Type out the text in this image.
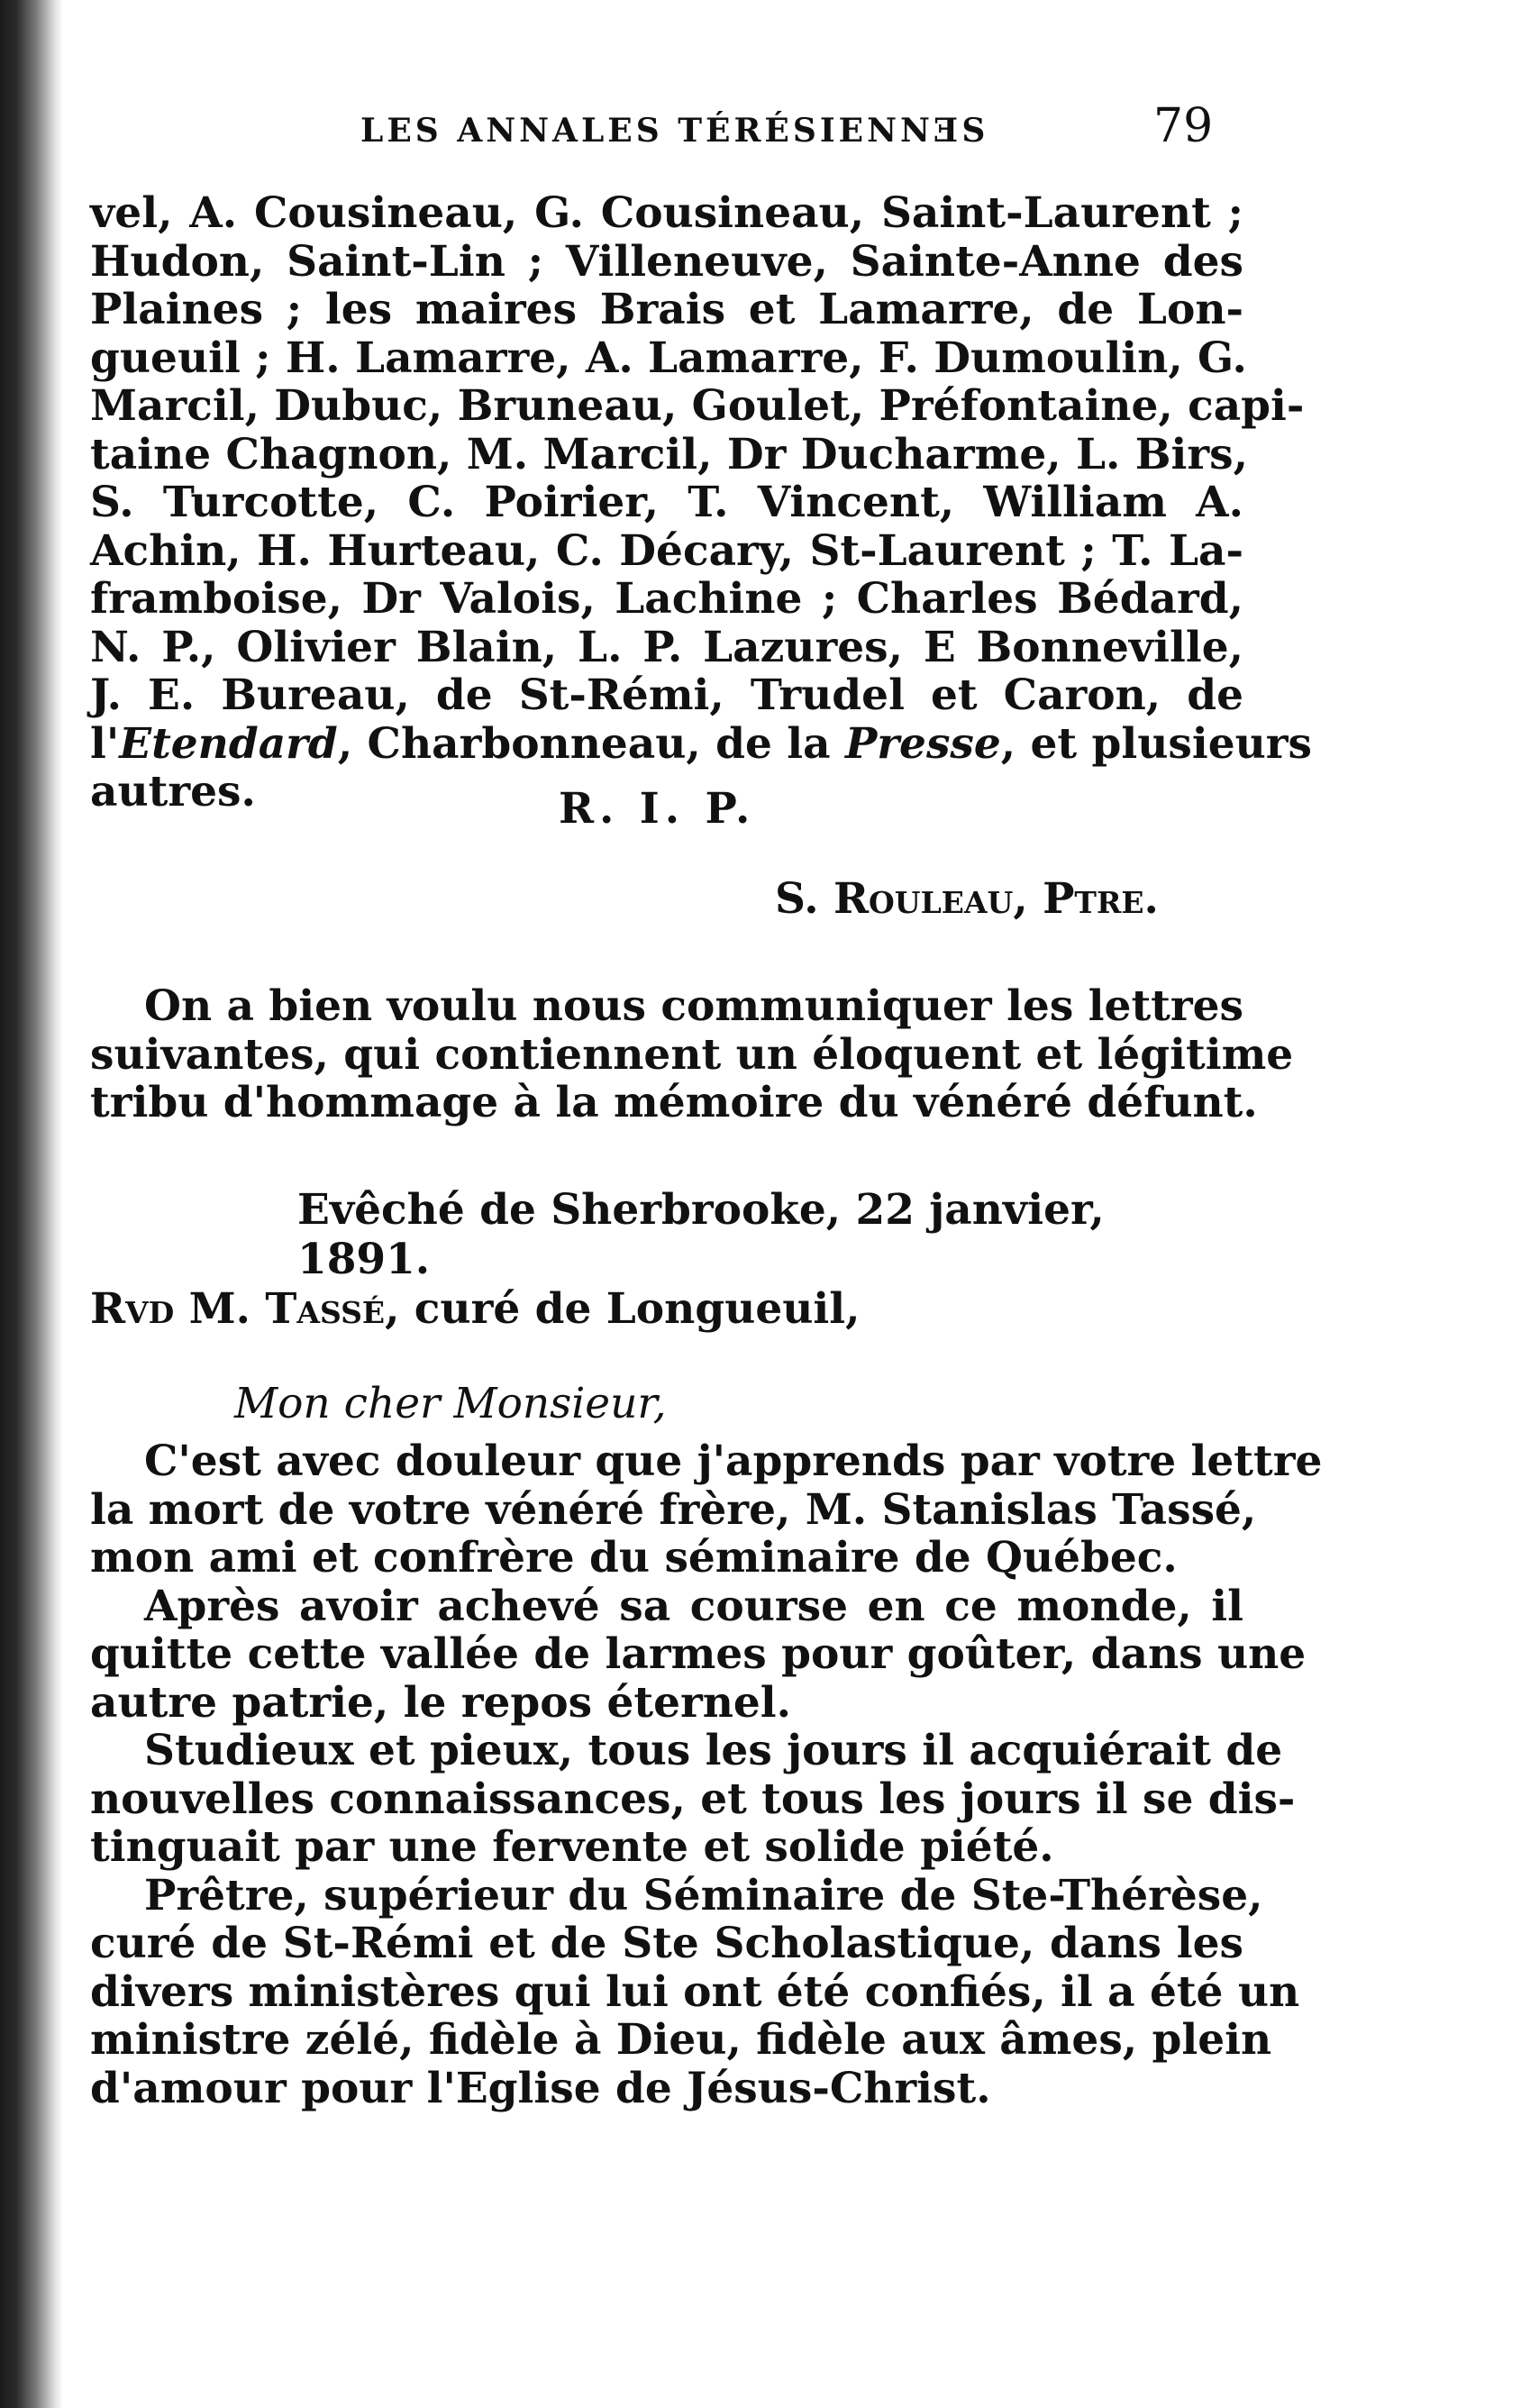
LES ANNALES TÉRÉSIENNƎS	79
vel, A. Cousineau, G. Cousineau, Saint-Laurent ;
Hudon, Saint-Lin ; Villeneuve, Sainte-Anne des
Plaines ; les maires Brais et Lamarre, de Lon-
gueuil ; H. Lamarre, A. Lamarre, F. Dumoulin, G.
Marcil, Dubuc, Bruneau, Goulet, Préfontaine, capi-
taine Chagnon, M. Marcil, Dr Ducharme, L. Birs,
S. Turcotte, C. Poirier, T. Vincent, William A.
Achin, H. Hurteau, C. Décary, St-Laurent ; T. La-
framboise, Dr Valois, Lachine ; Charles Bédard,
N. P., Olivier Blain, L. P. Lazures, E Bonneville,
J. E. Bureau, de St-Rémi, Trudel et Caron, de
l'Etendard, Charbonneau, de la Presse, et plusieurs
autres.	R. I. P.
S. Rouleau, Ptre.
On a bien voulu nous communiquer les lettres
suivantes, qui contiennent un éloquent et légitime
tribu d'hommage à la mémoire du vénéré défunt.
Evêché de Sherbrooke, 22 janvier, 1891.
Rvd M. Tassé, curé de Longueuil,
Mon cher Monsieur,
C'est avec douleur que j'apprends par votre lettre
la mort de votre vénéré frère, M. Stanislas Tassé,
mon ami et confrère du séminaire de Québec.
Après avoir achevé sa course en ce monde, il
quitte cette vallée de larmes pour goûter, dans une
autre patrie, le repos éternel.
Studieux et pieux, tous les jours il acquiérait de
nouvelles connaissances, et tous les jours il se dis-
tinguait par une fervente et solide piété.
Prêtre, supérieur du Séminaire de Ste-Thérèse,
curé de St-Rémi et de Ste Scholastique, dans les
divers ministères qui lui ont été confiés, il a été un
ministre zélé, fidèle à Dieu, fidèle aux âmes, plein
d'amour pour l'Eglise de Jésus-Christ.
